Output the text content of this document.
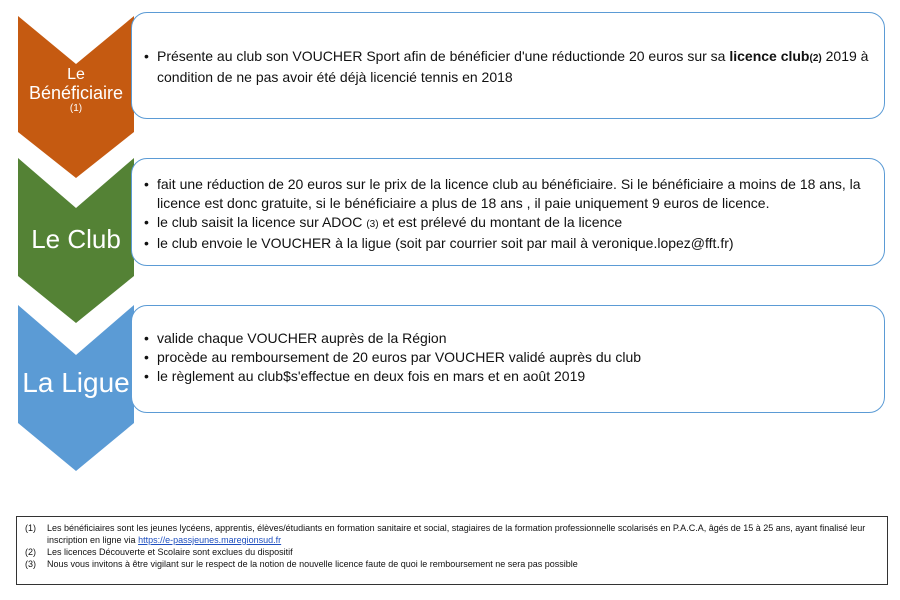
Le
Bénéficiaire
(1)
• Présente au club son VOUCHER Sport afin de bénéficier d'une réductionde 20 euros sur sa licence club(2) 2019 à condition de ne pas avoir été déjà licencié tennis en 2018
Le Club
• fait une réduction de 20 euros sur le prix de la licence club au bénéficiaire. Si le bénéficiaire a moins de 18 ans, la licence est donc gratuite, si le bénéficiaire a plus de 18 ans , il paie uniquement 9 euros de licence.
• le club saisit la licence sur ADOC (3) et est prélevé du montant de la licence
• le club envoie le VOUCHER à la ligue (soit par courrier soit par mail à veronique.lopez@fft.fr)
La Ligue
• valide chaque VOUCHER auprès de la Région
• procède au remboursement de 20 euros par VOUCHER validé auprès du club
• le règlement au club$s'effectue en deux fois en mars et en août 2019
(1)	Les bénéficiaires sont les jeunes lycéens, apprentis, élèves/étudiants en formation sanitaire et social, stagiaires de la formation professionnelle scolarisés en P.A.C.A, âgés de 15 à 25 ans, ayant finalisé leur inscription en ligne via https://e-passjeunes.maregionsud.fr
(2)	Les licences Découverte et Scolaire sont exclues du dispositif
(3)	Nous vous invitons à être vigilant sur le respect de la notion de nouvelle licence faute de quoi le remboursement ne sera pas possible
